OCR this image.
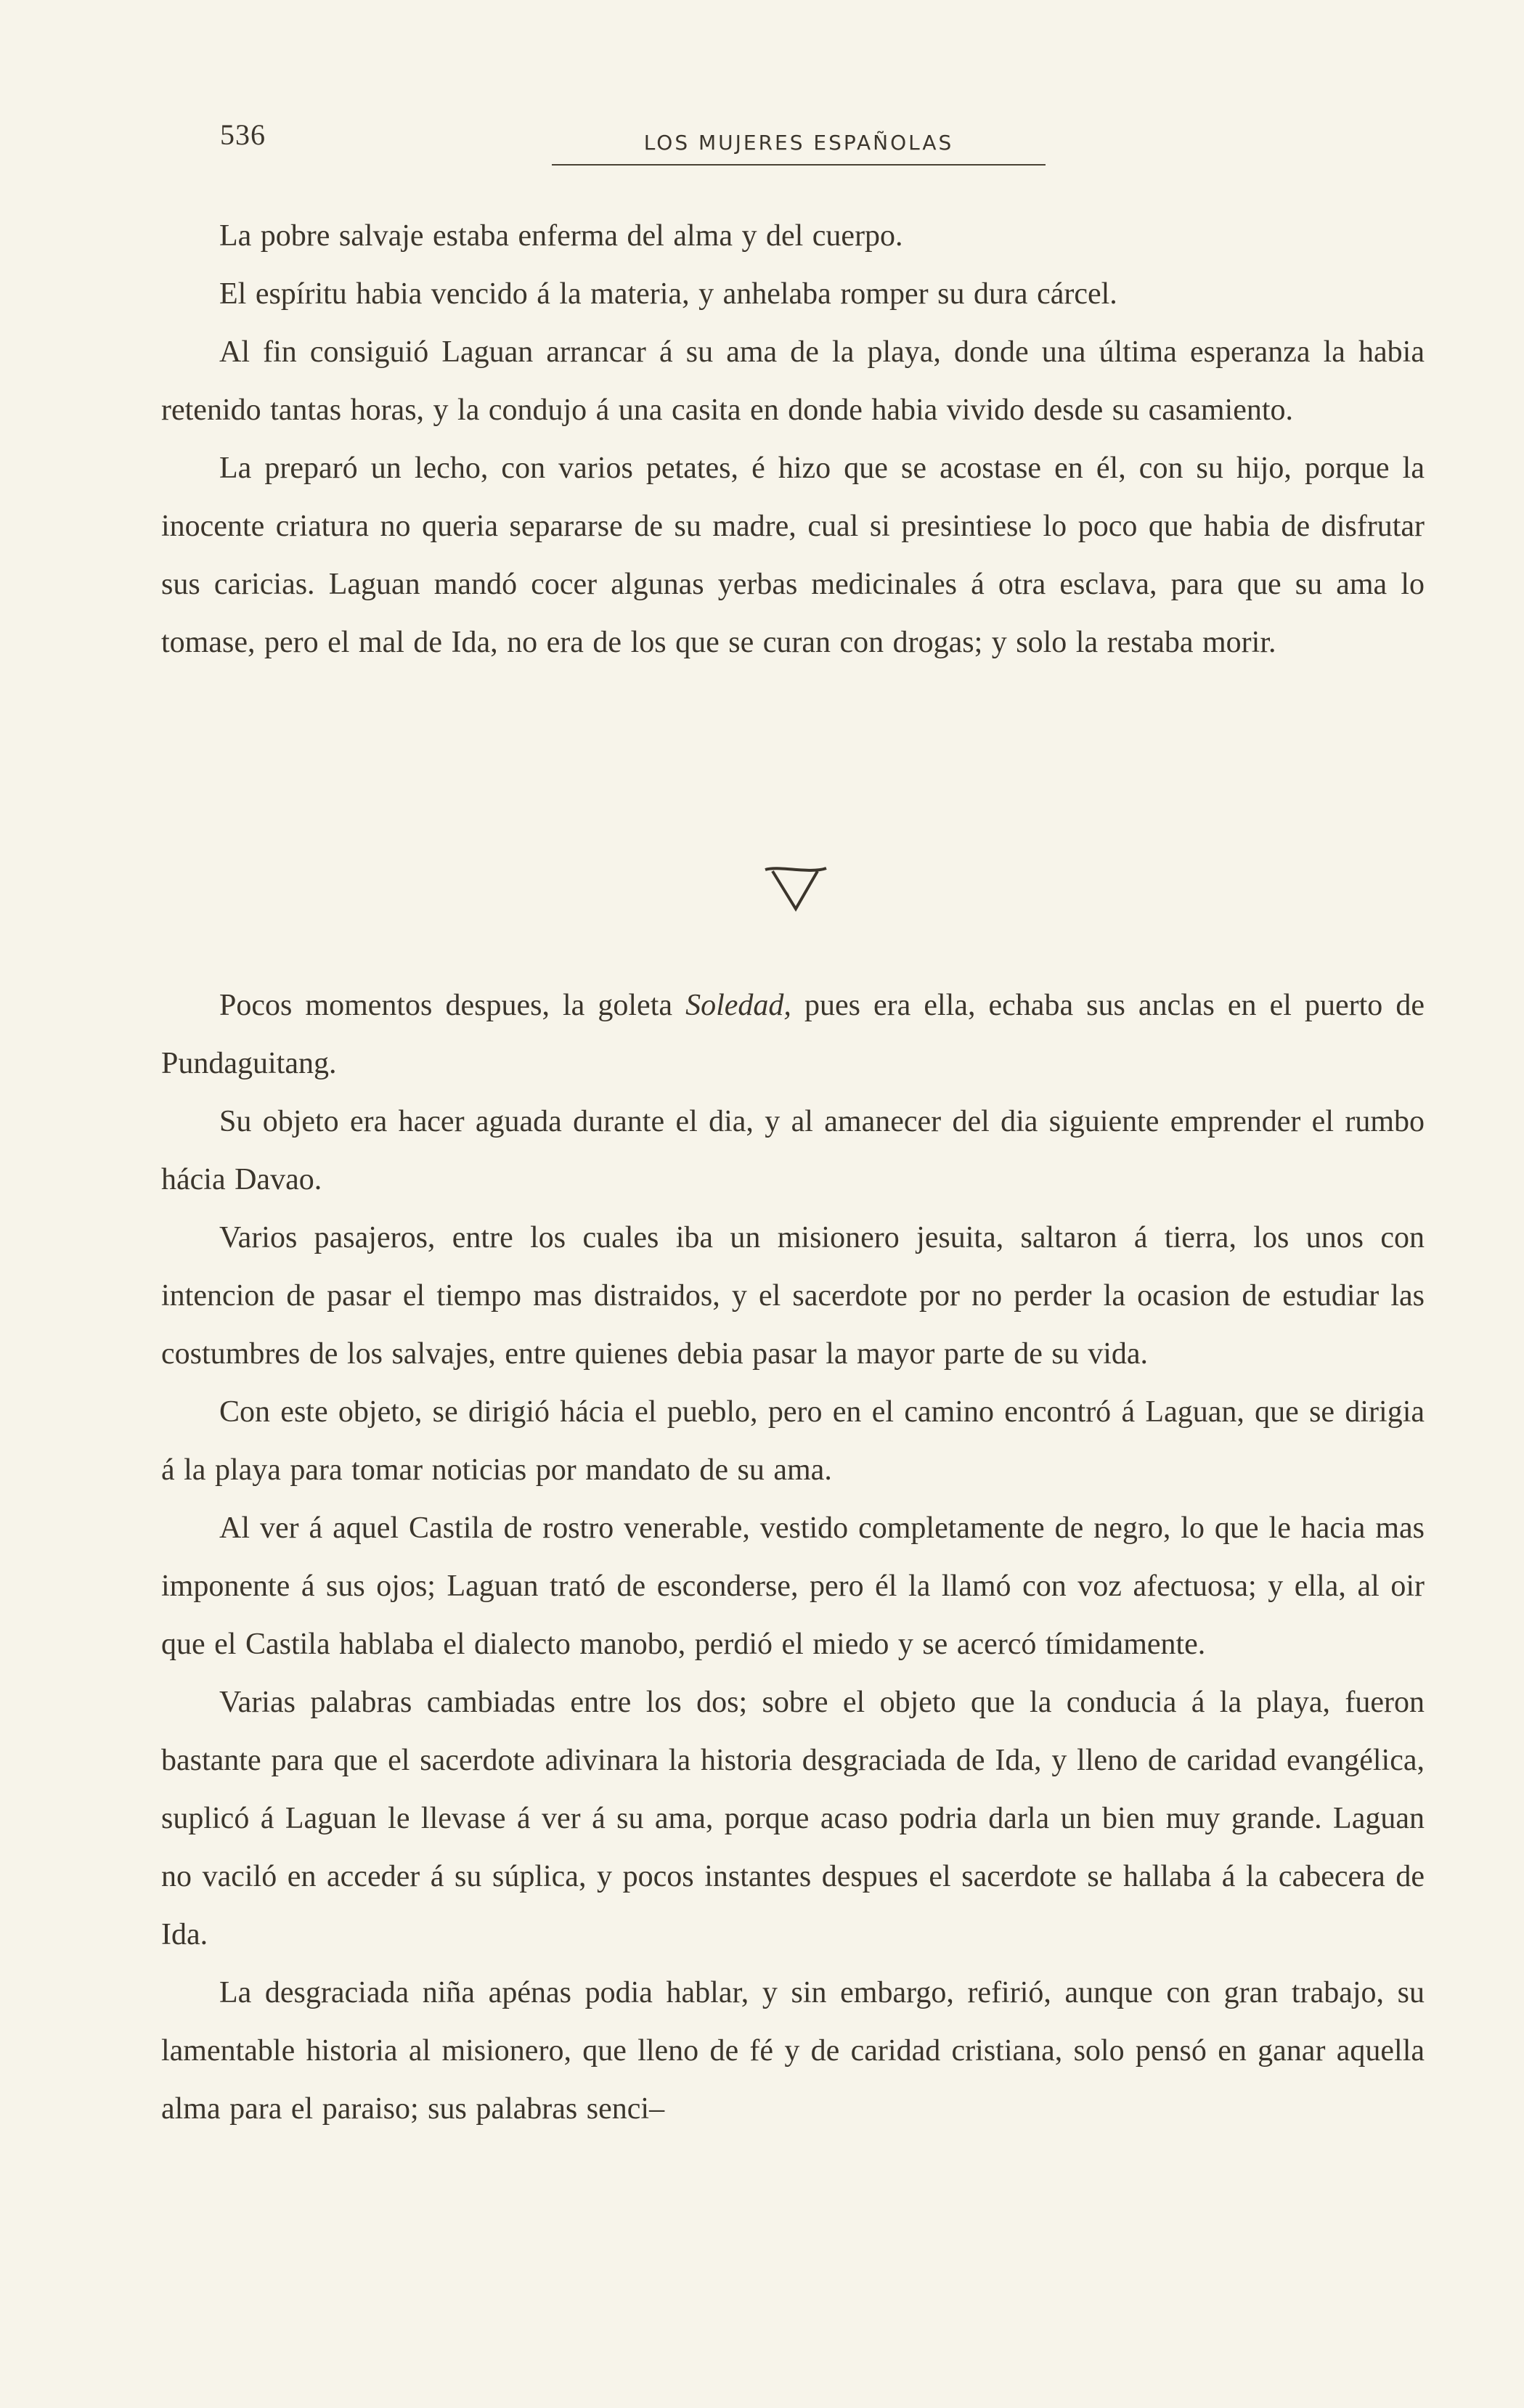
536	LOS MUJERES ESPAÑOLAS

La pobre salvaje estaba enferma del alma y del cuerpo.

El espíritu habia vencido á la materia, y anhelaba romper su dura cárcel.

Al fin consiguió Laguan arrancar á su ama de la playa, donde una última esperanza la habia retenido tantas horas, y la condujo á una casita en donde habia vivido desde su casamiento.

La preparó un lecho, con varios petates, é hizo que se acostase en él, con su hijo, porque la inocente criatura no queria separarse de su madre, cual si presintiese lo poco que habia de disfrutar sus caricias. Laguan mandó cocer algunas yerbas medicinales á otra esclava, para que su ama lo tomase, pero el mal de Ida, no era de los que se curan con drogas; y solo la restaba morir.

Pocos momentos despues, la goleta Soledad, pues era ella, echaba sus anclas en el puerto de Pundaguitang.

Su objeto era hacer aguada durante el dia, y al amanecer del dia siguiente emprender el rumbo hácia Davao.

Varios pasajeros, entre los cuales iba un misionero jesuita, saltaron á tierra, los unos con intencion de pasar el tiempo mas distraidos, y el sacerdote por no perder la ocasion de estudiar las costumbres de los salvajes, entre quienes debia pasar la mayor parte de su vida.

Con este objeto, se dirigió hácia el pueblo, pero en el camino encontró á Laguan, que se dirigia á la playa para tomar noticias por mandato de su ama.

Al ver á aquel Castila de rostro venerable, vestido completamente de negro, lo que le hacia mas imponente á sus ojos; Laguan trató de esconderse, pero él la llamó con voz afectuosa; y ella, al oir que el Castila hablaba el dialecto manobo, perdió el miedo y se acercó tímidamente.

Varias palabras cambiadas entre los dos; sobre el objeto que la conducia á la playa, fueron bastante para que el sacerdote adivinara la historia desgraciada de Ida, y lleno de caridad evangélica, suplicó á Laguan le llevase á ver á su ama, porque acaso podria darla un bien muy grande. Laguan no vaciló en acceder á su súplica, y pocos instantes despues el sacerdote se hallaba á la cabecera de Ida.

La desgraciada niña apénas podia hablar, y sin embargo, refirió, aunque con gran trabajo, su lamentable historia al misionero, que lleno de fé y de caridad cristiana, solo pensó en ganar aquella alma para el paraiso; sus palabras senci–
